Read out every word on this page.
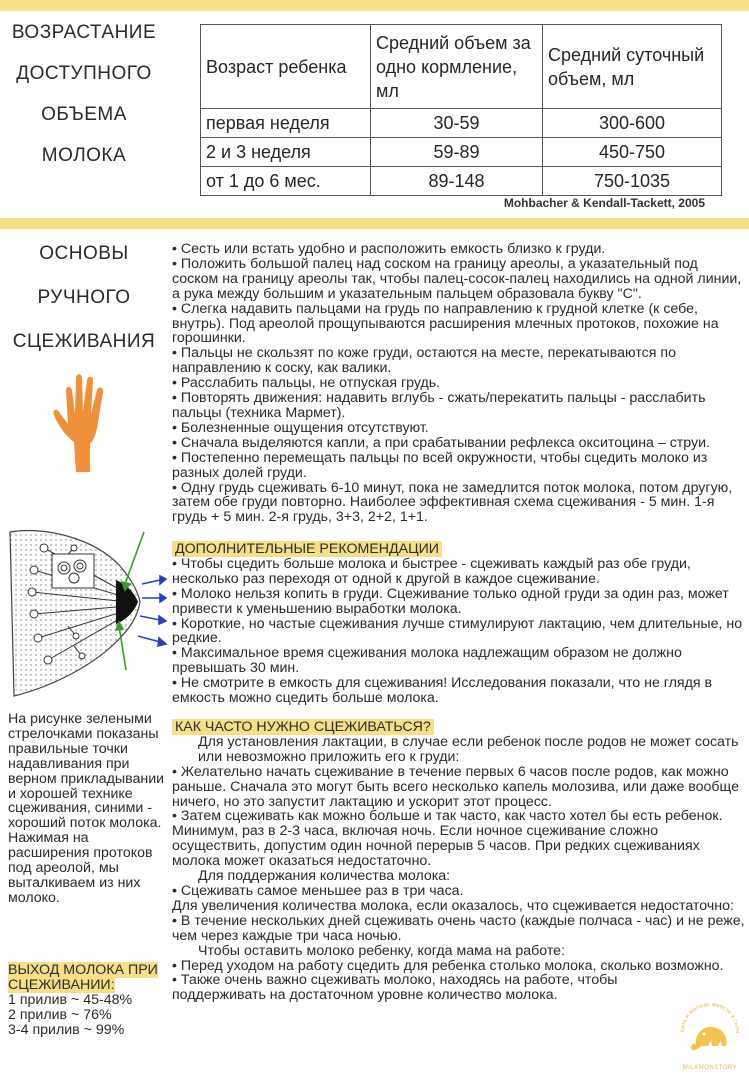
ВОЗРАСТАНИЕ
ДОСТУПНОГО
ОБЪЕМА
МОЛОКА
Возраст ребенка	Средний объем за одно кормление, мл	Средний суточный объем, мл
первая неделя	30-59	300-600
2 и 3 неделя	59-89	450-750
от 1 до 6 мес.	89-148	750-1035
Mohbacher & Kendall-Tackett, 2005
ОСНОВЫ
РУЧНОГО
СЦЕЖИВАНИЯ

• Сесть или встать удобно и расположить емкость близко к груди.

• Положить большой палец над соском на границу ареолы, а указательный под соском на границу ареолы так, чтобы палец-сосок-палец находились на одной линии, а рука между большим и указательным пальцем образовала букву "С".

• Слегка надавить пальцами на грудь по направлению к грудной клетке (к себе, внутрь). Под ареолой прощупываются расширения млечных протоков, похожие на горошинки.

• Пальцы не скользят по коже груди, остаются на месте, перекатываются по направлению к соску, как валики.

• Расслабить пальцы, не отпуская грудь.

• Повторять движения: надавить вглубь - сжать/перекатить пальцы - расслабить пальцы (техника Мармет).

• Болезненные ощущения отсутствуют.

• Сначала выделяются капли, а при срабатывании рефлекса окситоцина – струи.

• Постепенно перемещать пальцы по всей окружности, чтобы сцедить молоко из разных долей груди.

• Одну грудь сцеживать 6-10 минут, пока не замедлится поток молока, потом другую, затем обе груди повторно. Наиболее эффективная схема сцеживания - 5 мин. 1-я грудь + 5 мин. 2-я грудь, 3+3, 2+2, 1+1.

ДОПОЛНИТЕЛЬНЫЕ РЕКОМЕНДАЦИИ

• Чтобы сцедить больше молока и быстрее - сцеживать каждый раз обе груди, несколько раз переходя от одной к другой в каждое сцеживание.

• Молоко нельзя копить в груди. Сцеживание только одной груди за один раз, может привести к уменьшению выработки молока.

• Короткие, но частые сцеживания лучше стимулируют лактацию, чем длительные, но редкие.

• Максимальное время сцеживания молока надлежащим образом не должно превышать 30 мин.

• Не смотрите в емкость для сцеживания! Исследования показали, что не глядя в емкость можно сцедить больше молока.

КАК ЧАСТО НУЖНО СЦЕЖИВАТЬСЯ?

Для установления лактации, в случае если ребенок после родов не может сосать или невозможно приложить его к груди:

• Желательно начать сцеживание в течение первых 6 часов после родов, как можно раньше. Сначала это могут быть всего несколько капель молозива, или даже вообще ничего, но это запустит лактацию и ускорит этот процесс.

• Затем сцеживать как можно больше и так часто, как часто хотел бы есть ребенок. Минимум, раз в 2-3 часа, включая ночь. Если ночное сцеживание сложно осуществить, допустим один ночной перерыв 5 часов. При редких сцеживаниях молока может оказаться недостаточно.

Для поддержания количества молока:

• Сцеживать самое меньшее раз в три часа.

Для увеличения количества молока, если оказалось, что сцеживается недостаточно:

• В течение нескольких дней сцеживать очень часто (каждые полчаса - час) и не реже, чем через каждые три часа ночью.

Чтобы оставить молоко ребенку, когда мама на работе:

• Перед уходом на работу сцедить для ребенка столько молока, сколько возможно.

• Также очень важно сцеживать молоко, находясь на работе, чтобы поддерживать на достаточном уровне количество молока.

На рисунке зелеными стрелочками показаны правильные точки надавливания при верном прикладывании и хорошей технике сцеживания, синими - хороший поток молока. Нажимая на расширения протоков под ареолой, мы выталкиваем из них молоко.
ВЫХОД МОЛОКА ПРИ СЦЕЖИВАНИИ:
1 прилив ~ 45-48%
2 прилив ~ 76%
3-4 прилив ~ 99%	пить и малыш, вместе и сытн
MILKMONSTORY
